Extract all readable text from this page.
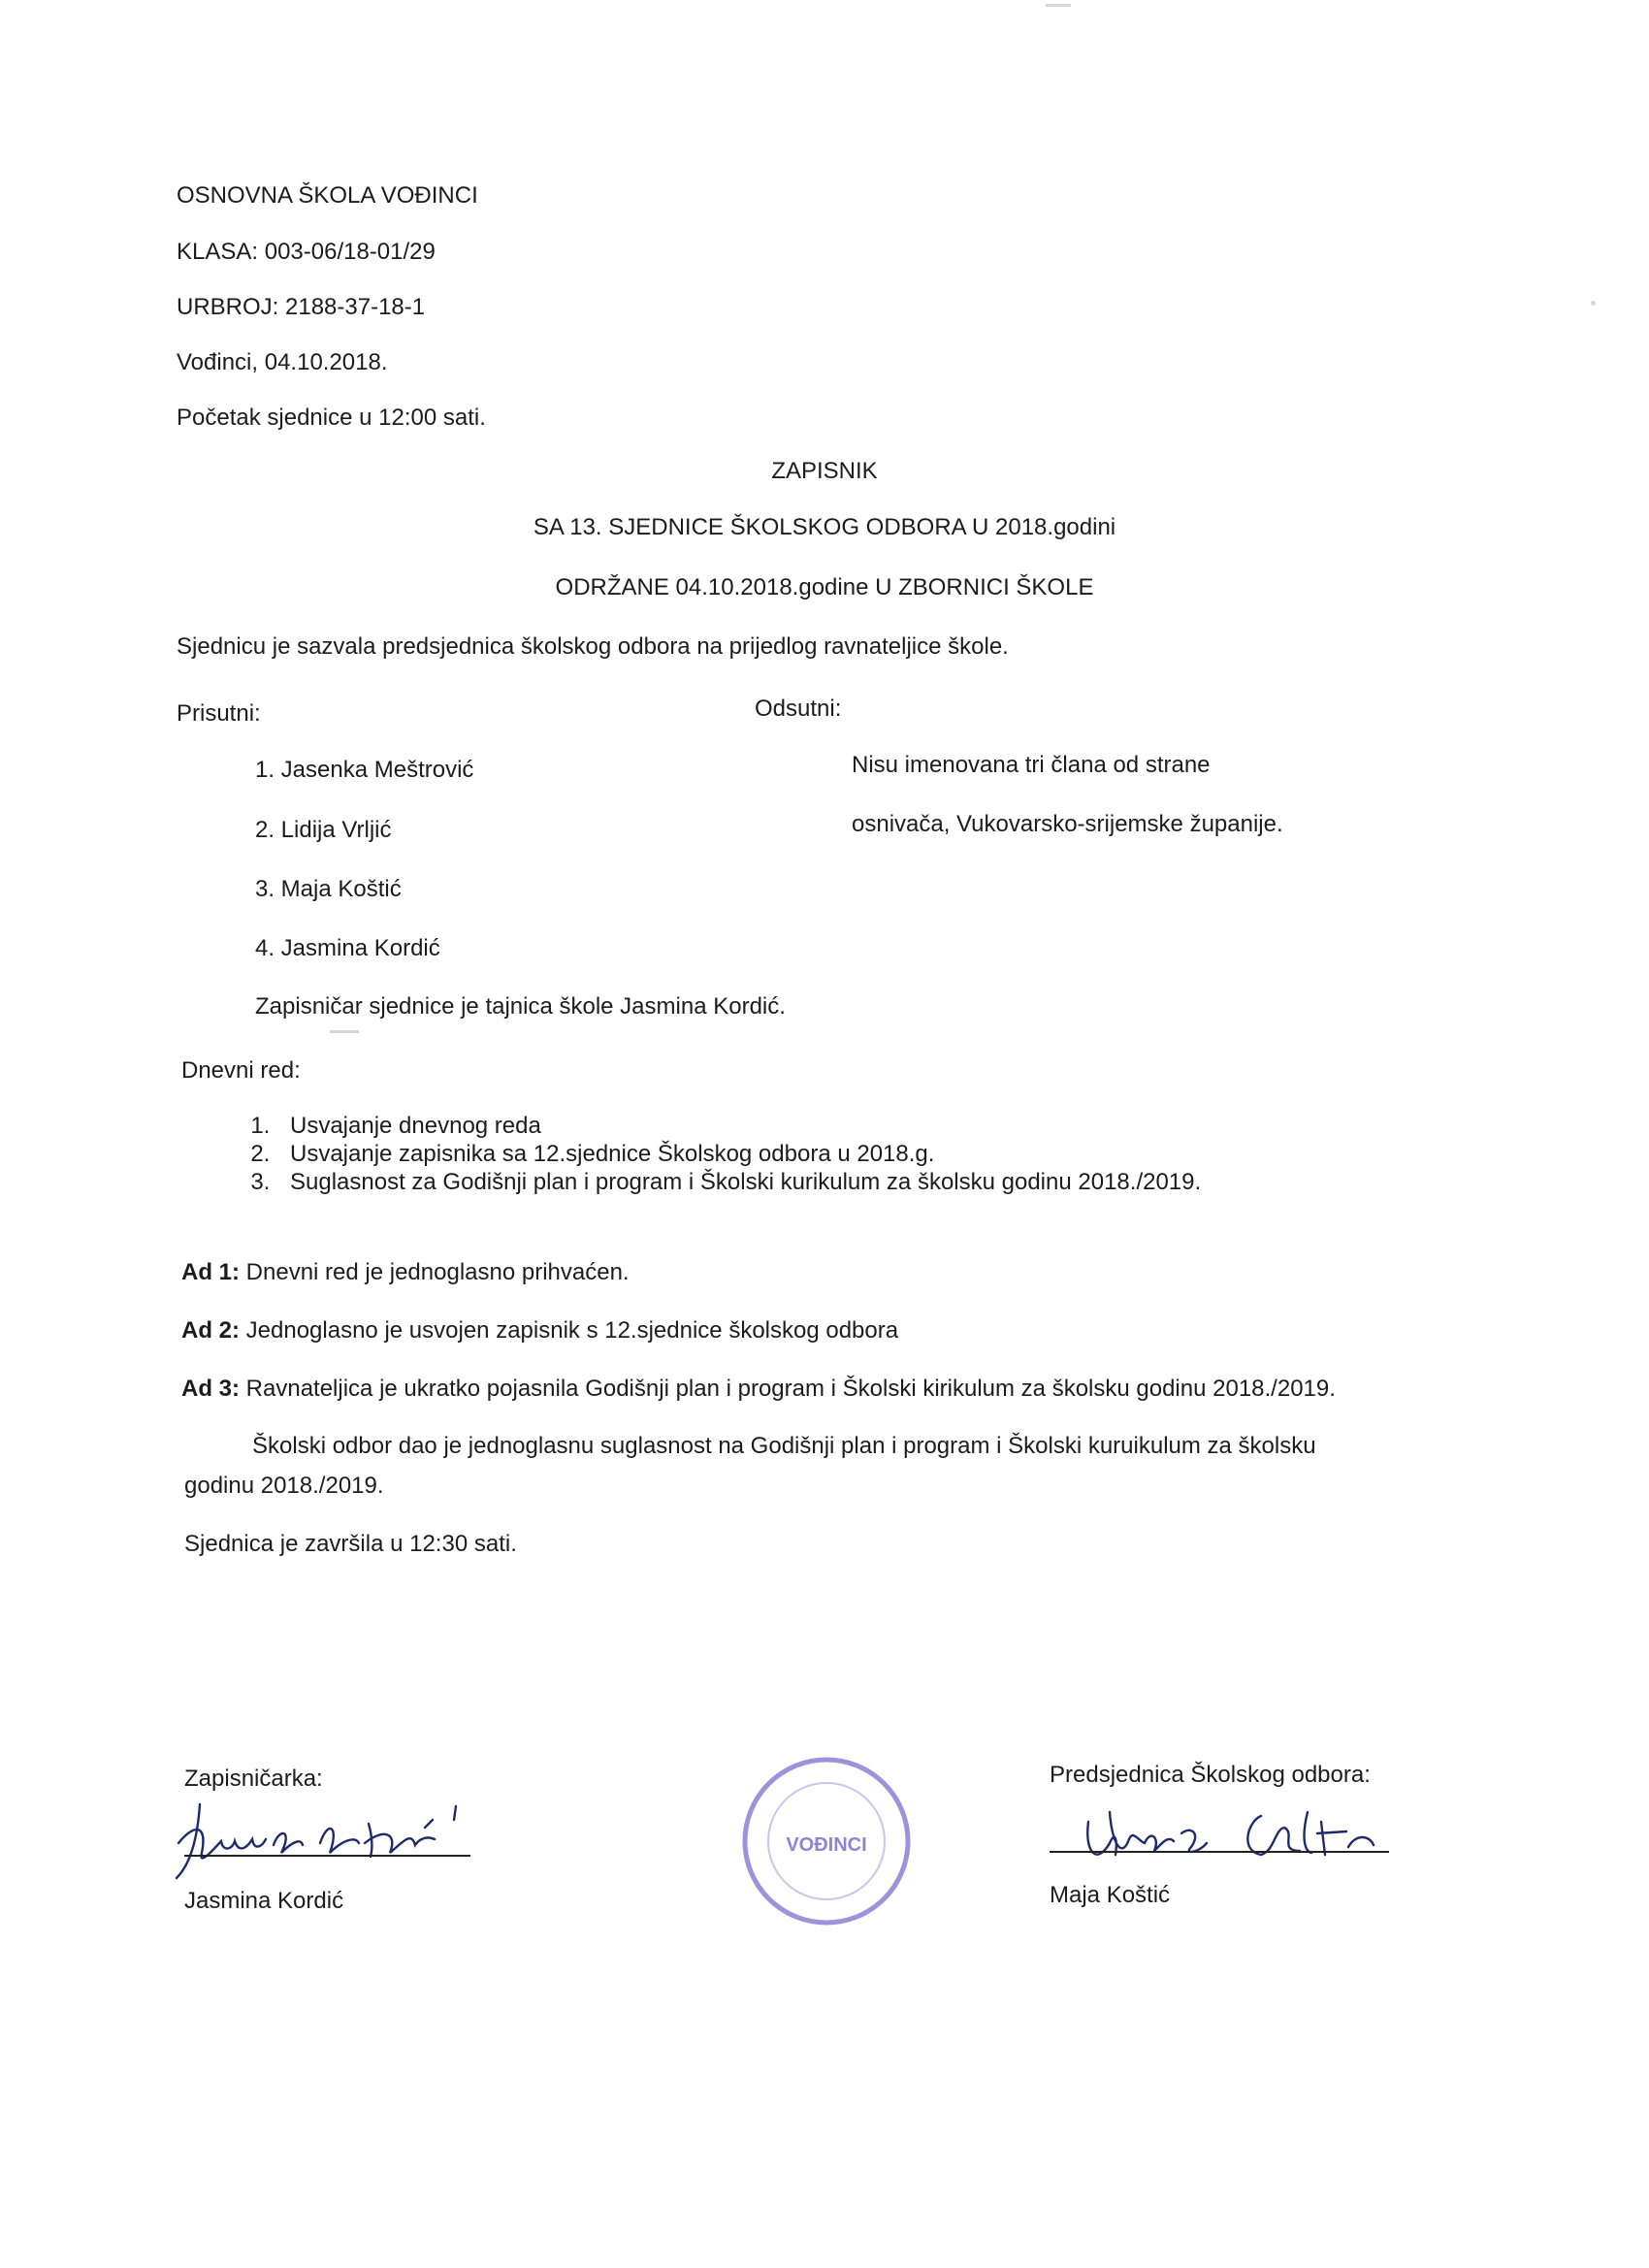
OSNOVNA ŠKOLA VOĐINCI
KLASA: 003-06/18-01/29
URBROJ: 2188-37-18-1
Vođinci, 04.10.2018.
Početak sjednice u 12:00 sati.
ZAPISNIK
SA 13. SJEDNICE ŠKOLSKOG ODBORA U 2018.godini
ODRŽANE 04.10.2018.godine U ZBORNICI ŠKOLE
Sjednicu je sazvala predsjednica školskog odbora na prijedlog ravnateljice škole.
Prisutni:	Odsutni:
1. Jasenka Meštrović
2. Lidija Vrljić
3. Maja Koštić
4. Jasmina Kordić
Nisu imenovana tri člana od strane
osnivača, Vukovarsko-srijemske županije.
Zapisničar sjednice je tajnica škole Jasmina Kordić.
Dnevni red:
1. Usvajanje dnevnog reda
2. Usvajanje zapisnika sa 12.sjednice Školskog odbora u 2018.g.
3. Suglasnost za Godišnji plan i program i Školski kurikulum za školsku godinu 2018./2019.
Ad 1: Dnevni red je jednoglasno prihvaćen.
Ad 2: Jednoglasno je usvojen zapisnik s 12.sjednice školskog odbora
Ad 3: Ravnateljica je ukratko pojasnila Godišnji plan i program i Školski kirikulum za školsku godinu 2018./2019.
Školski odbor dao je jednoglasnu suglasnost na Godišnji plan i program i Školski kuruikulum za školsku
godinu 2018./2019.
Sjednica je završila u 12:30 sati.
Zapisničarka:
Jasmina Kordić
VOĐINCI
Predsjednica Školskog odbora:
Maja Koštić
